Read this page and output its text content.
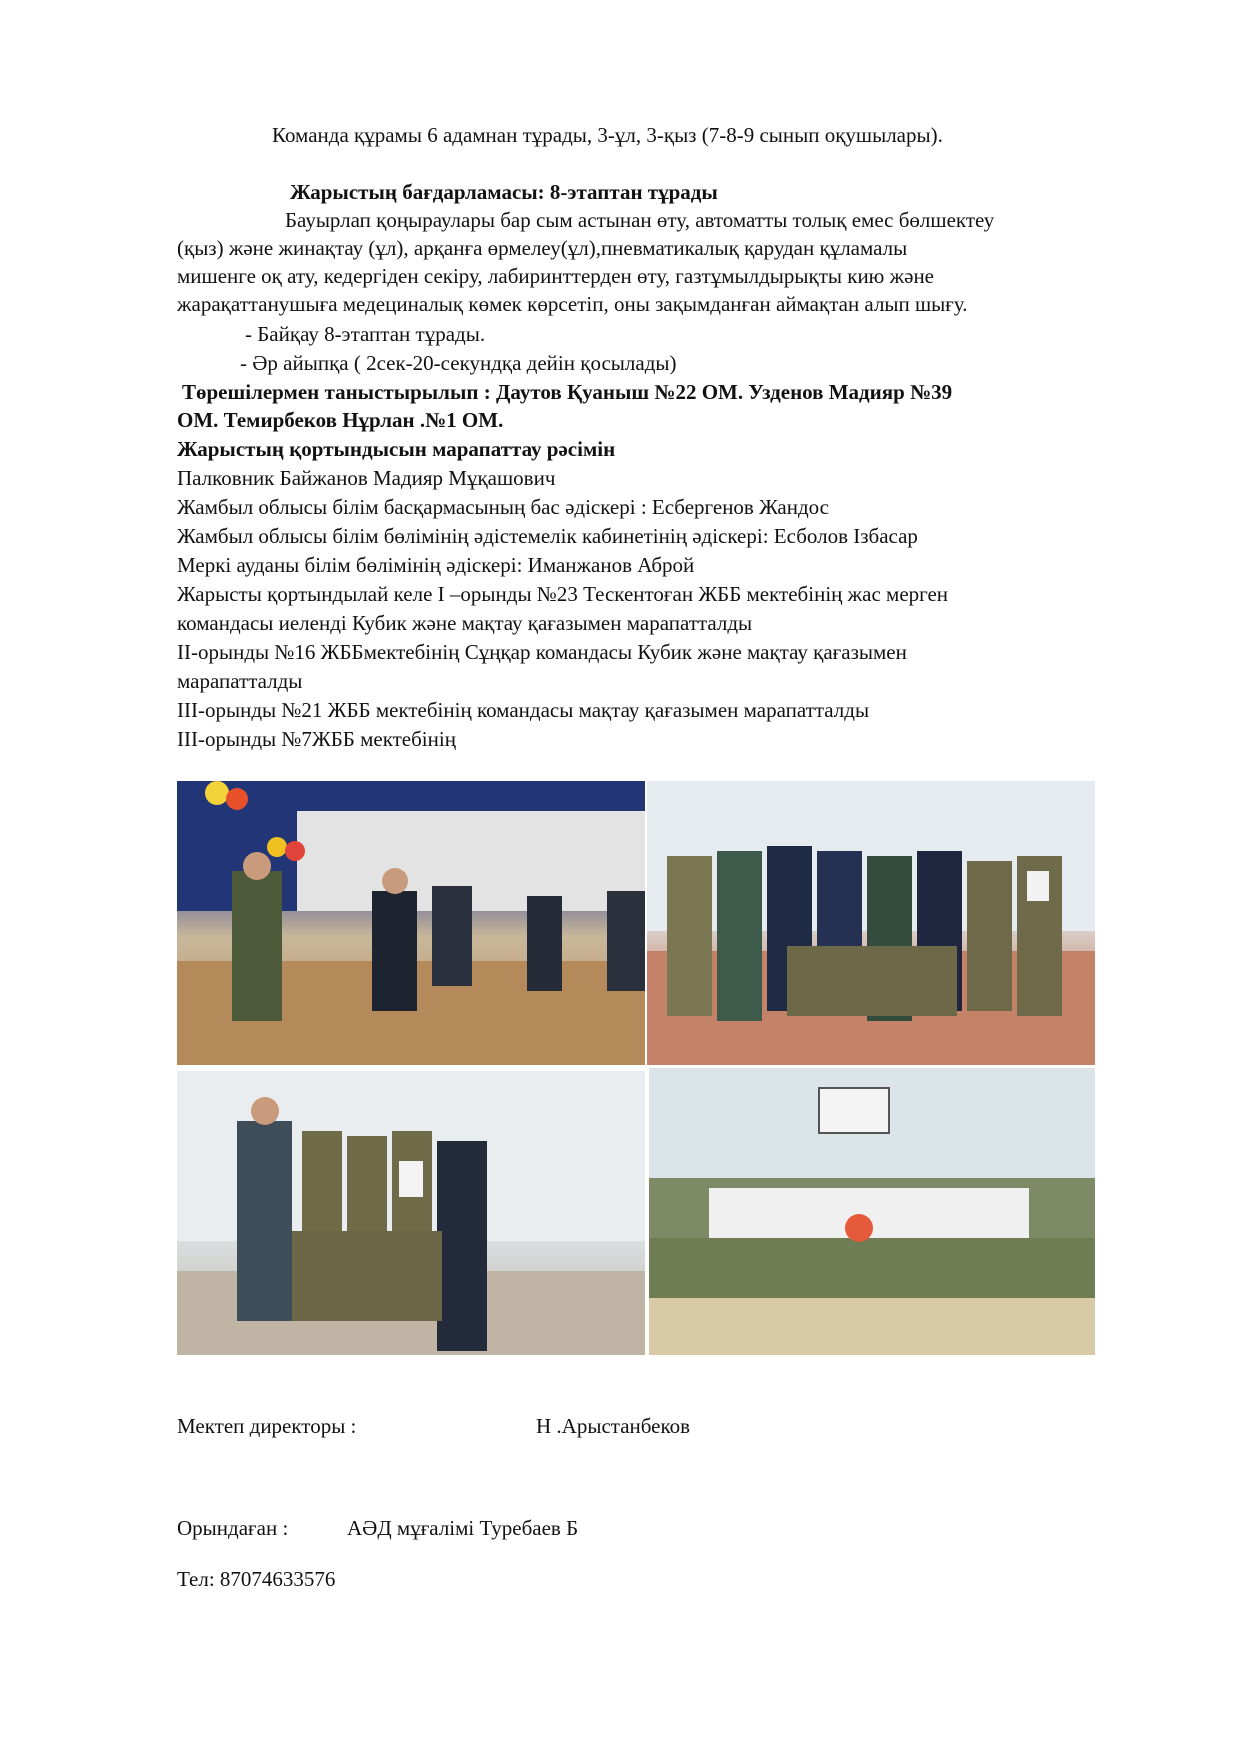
Команда құрамы 6 адамнан тұрады, 3-ұл, 3-қыз (7-8-9 сынып оқушылары).
Жарыстың бағдарламасы: 8-этаптан тұрады
Бауырлап қоңыраулары бар сым астынан өту, автоматты толық емес бөлшектеу
(қыз) және жинақтау (ұл), арқанға өрмелеу(ұл),пневматикалық қарудан құламалы
мишенге оқ ату, кедергіден секіру, лабиринттерден өту, газтұмылдырықты кию және
жарақаттанушыға медециналық көмек көрсетіп, оны зақымданған аймақтан алып шығу.
- Байқау 8-этаптан тұрады.
- Әр айыпқа ( 2сек-20-секундқа дейін қосылады)
Төрешілермен таныстырылып : Даутов Қуаныш №22 ОМ. Узденов Мадияр №39
ОМ. Темирбеков Нұрлан .№1 ОМ.
Жарыстың қортындысын марапаттау рәсімін
Палковник Байжанов Мадияр Мұқашович
Жамбыл облысы білім басқармасының бас әдіскері : Есбергенов Жандос
Жамбыл облысы білім бөлімінің әдістемелік кабинетінің әдіскері: Есболов Ізбасар
Меркі ауданы білім бөлімінің әдіскері: Иманжанов Аброй
Жарысты қортындылай келе I –орынды №23 Тескентоған ЖББ мектебінің жас мерген
командасы иеленді Кубик және мақтау қағазымен марапатталды
II-орынды №16 ЖББмектебінің Сұңқар командасы Кубик және мақтау қағазымен
марапатталды
III-орынды №21 ЖББ мектебінің командасы мақтау қағазымен марапатталды
III-орынды №7ЖББ мектебінің
Мектеп директоры :	Н .Арыстанбеков
Орындаған :	АӘД мұғалімі Туребаев Б
Тел: 87074633576
